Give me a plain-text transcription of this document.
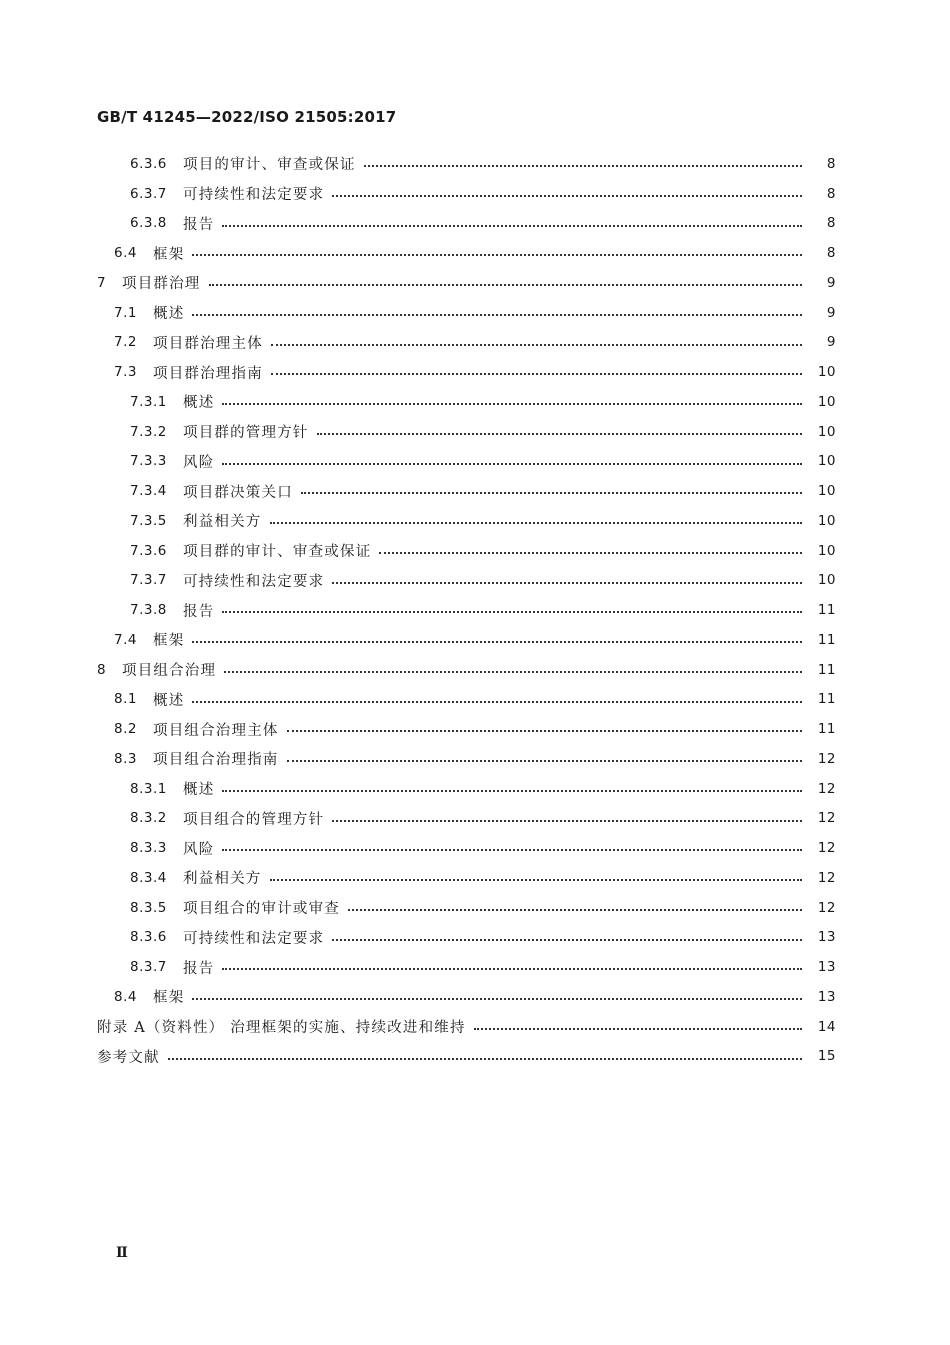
GB/T 41245—2022/ISO 21505:2017
6.3.6	项目的审计、审查或保证	8
6.3.7	可持续性和法定要求	8
6.3.8	报告	8
6.4	框架	8
7	项目群治理	9
7.1	概述	9
7.2	项目群治理主体	9
7.3	项目群治理指南	10
7.3.1	概述	10
7.3.2	项目群的管理方针	10
7.3.3	风险	10
7.3.4	项目群决策关口	10
7.3.5	利益相关方	10
7.3.6	项目群的审计、审查或保证	10
7.3.7	可持续性和法定要求	10
7.3.8	报告	11
7.4	框架	11
8	项目组合治理	11
8.1	概述	11
8.2	项目组合治理主体	11
8.3	项目组合治理指南	12
8.3.1	概述	12
8.3.2	项目组合的管理方针	12
8.3.3	风险	12
8.3.4	利益相关方	12
8.3.5	项目组合的审计或审查	12
8.3.6	可持续性和法定要求	13
8.3.7	报告	13
8.4	框架	13
附录 A（资料性） 治理框架的实施、持续改进和维持	14
参考文献	15
Ⅱ
